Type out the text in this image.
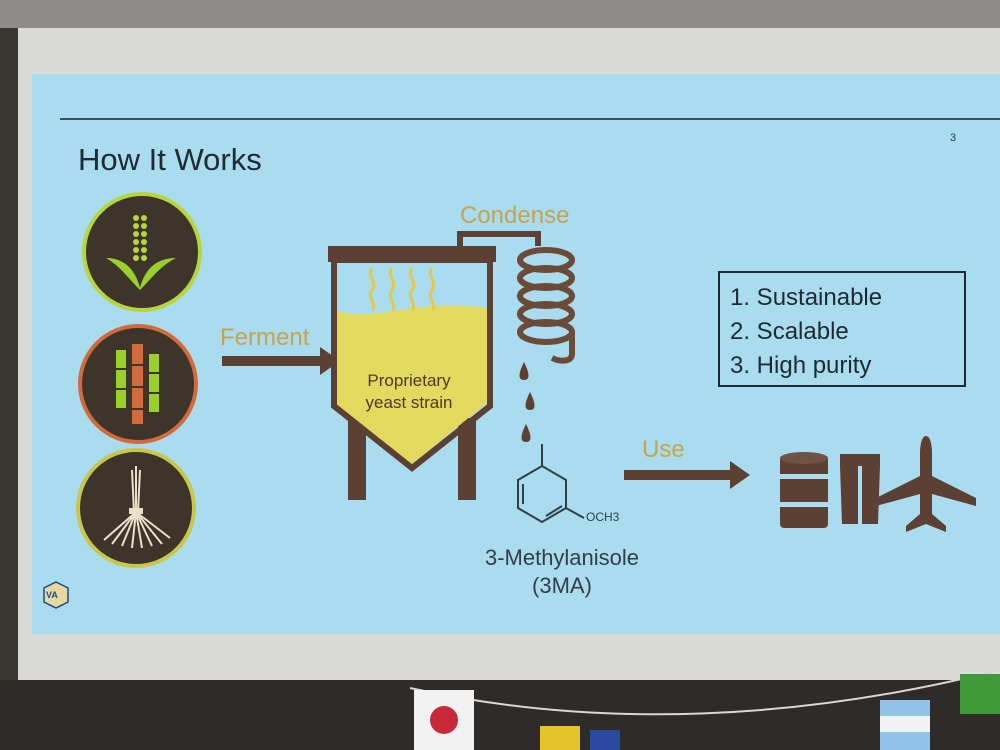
3
How It Works
Ferment
Condense
Proprietary
yeast strain
OCH3
3-Methylanisole
(3MA)
Use
1. Sustainable
2. Scalable
3. High purity
VA
